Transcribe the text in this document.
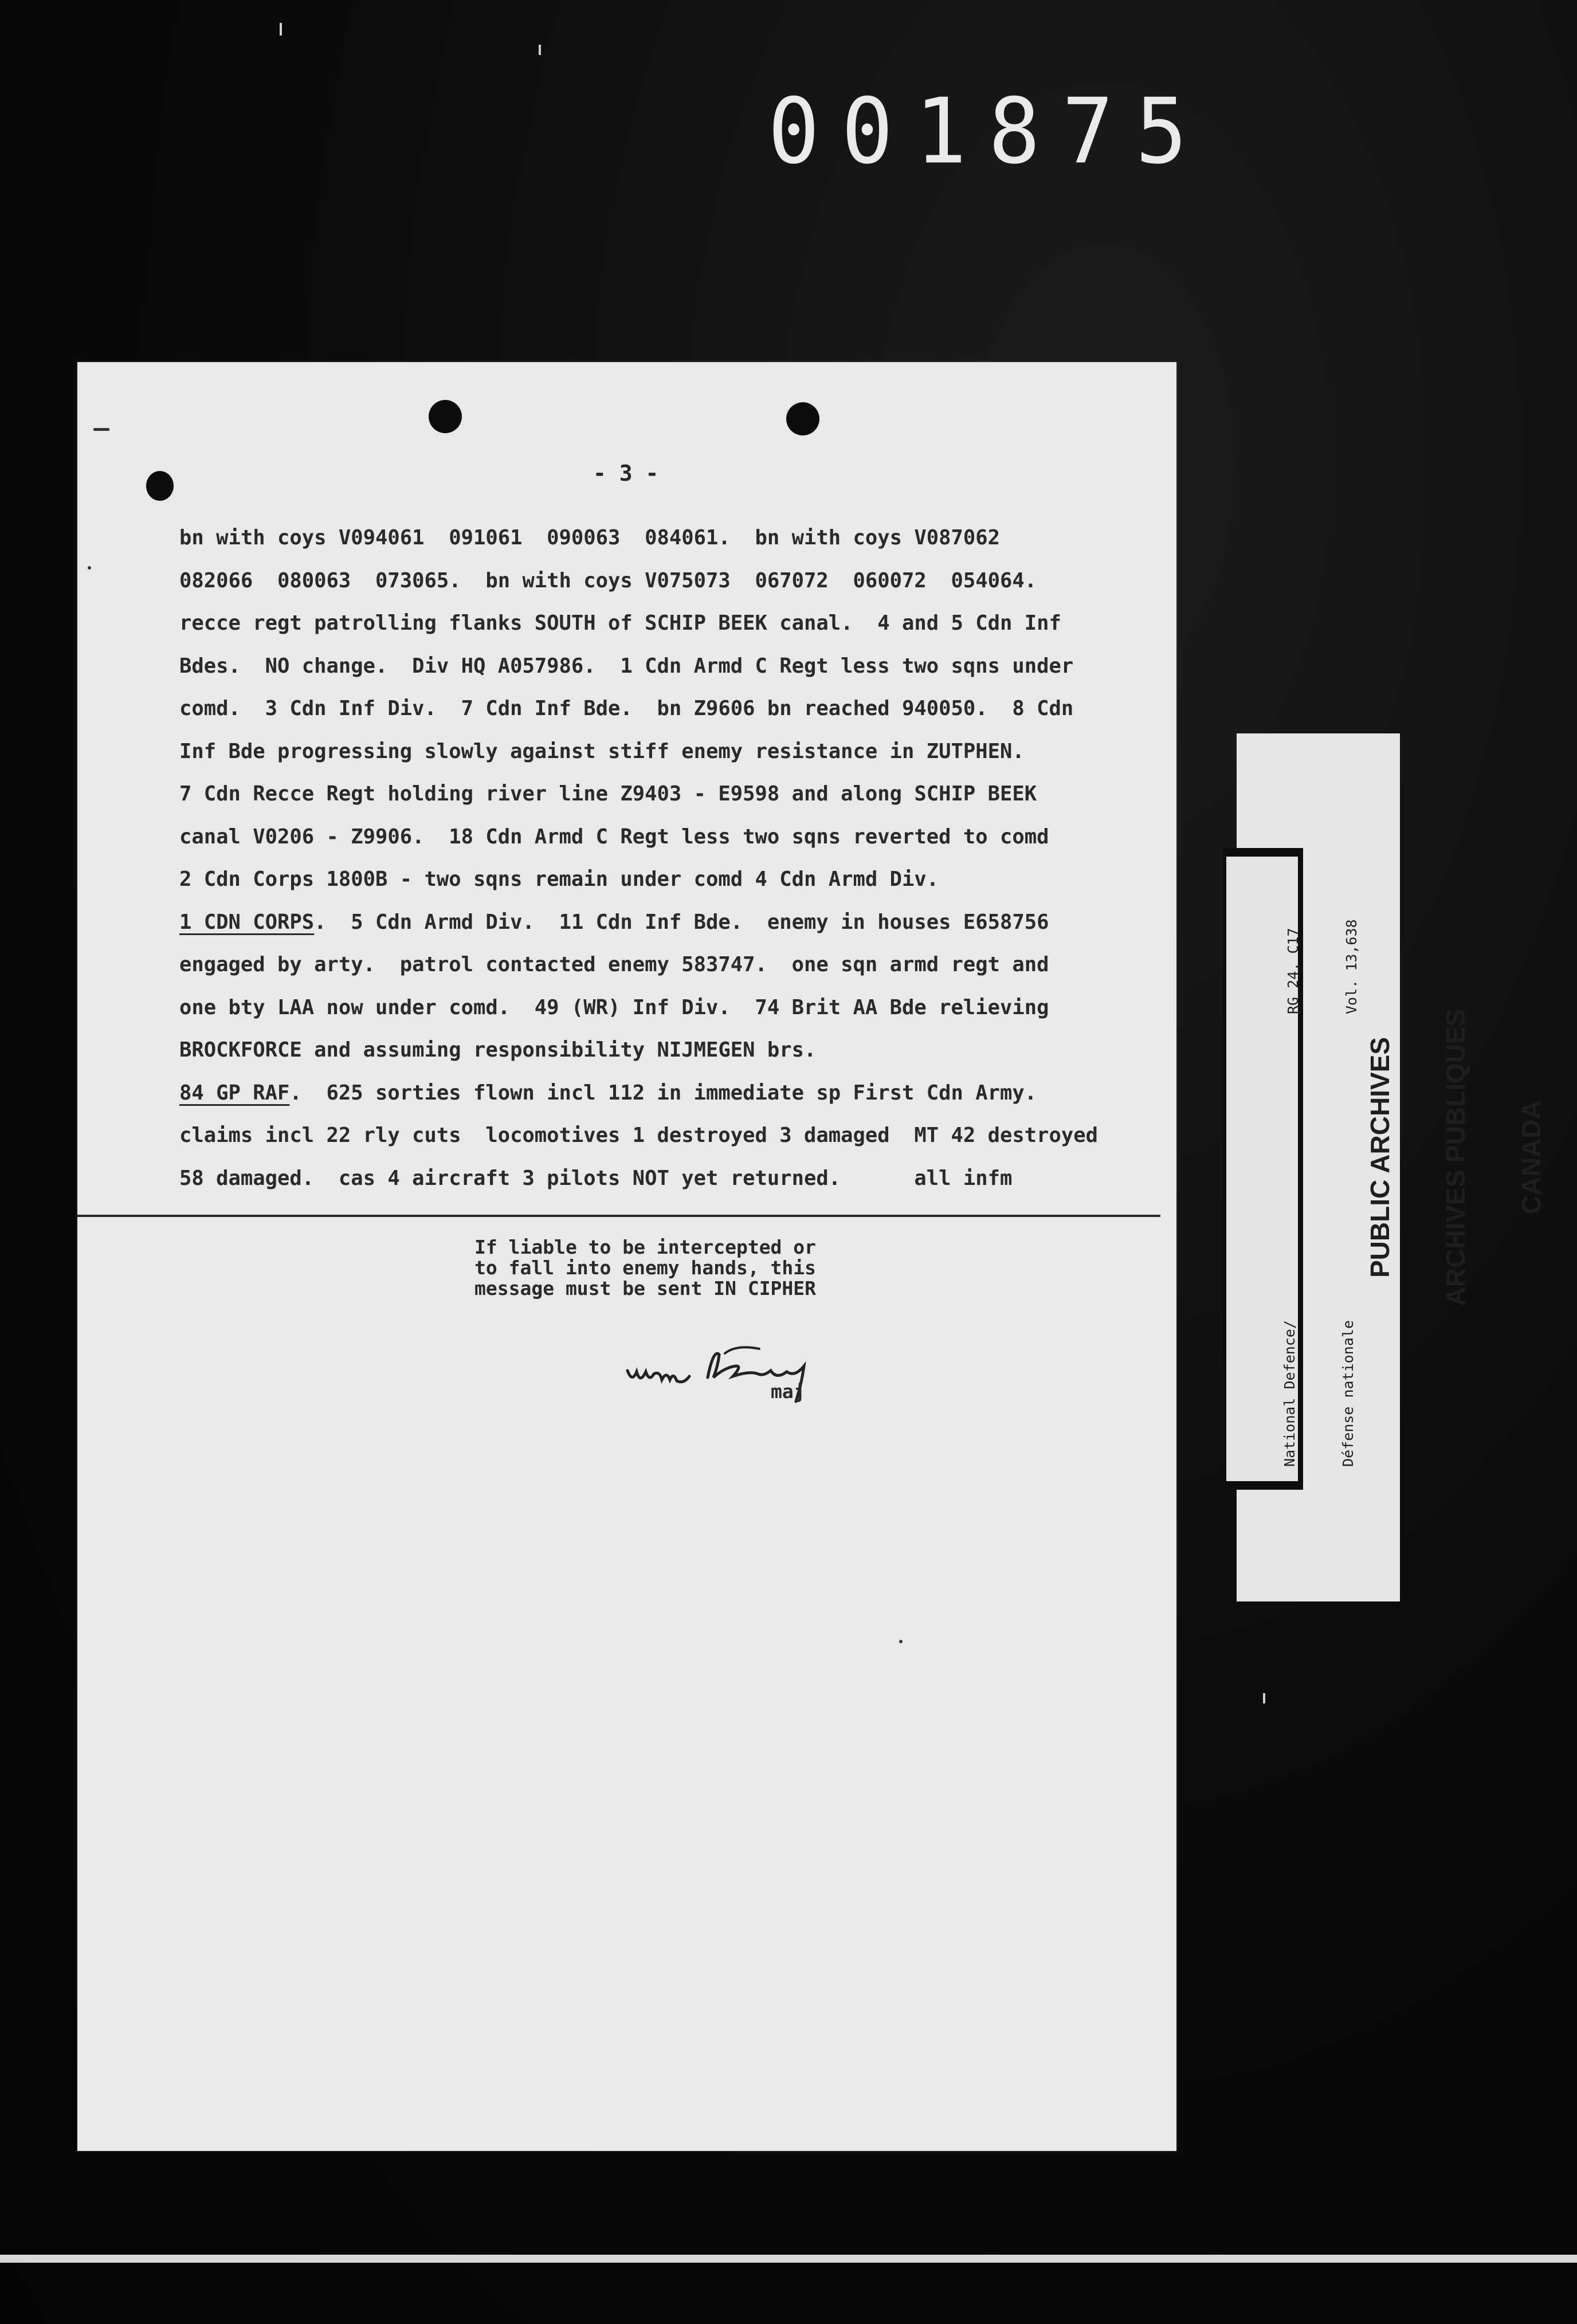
001875
- 3 -
bn with coys V094061  091061  090063  084061.  bn with coys V087062
082066  080063  073065.  bn with coys V075073  067072  060072  054064.
recce regt patrolling flanks SOUTH of SCHIP BEEK canal.  4 and 5 Cdn Inf
Bdes.  NO change.  Div HQ A057986.  1 Cdn Armd C Regt less two sqns under
comd.  3 Cdn Inf Div.  7 Cdn Inf Bde.  bn Z9606 bn reached 940050.  8 Cdn
Inf Bde progressing slowly against stiff enemy resistance in ZUTPHEN.
7 Cdn Recce Regt holding river line Z9403 - E9598 and along SCHIP BEEK
canal V0206 - Z9906.  18 Cdn Armd C Regt less two sqns reverted to comd
2 Cdn Corps 1800B - two sqns remain under comd 4 Cdn Armd Div.
1 CDN CORPS.  5 Cdn Armd Div.  11 Cdn Inf Bde.  enemy in houses E658756
engaged by arty.  patrol contacted enemy 583747.  one sqn armd regt and
one bty LAA now under comd.  49 (WR) Inf Div.  74 Brit AA Bde relieving
BROCKFORCE and assuming responsibility NIJMEGEN brs.
84 GP RAF.  625 sorties flown incl 112 in immediate sp First Cdn Army.
claims incl 22 rly cuts  locomotives 1 destroyed 3 damaged  MT 42 destroyed
58 damaged.  cas 4 aircraft 3 pilots NOT yet returned.      all infm
If liable to be intercepted or
to fall into enemy hands, this
message must be sent IN CIPHER
maj

	National Defence/

	Défense nationale

RG 24, C17

	Vol. 13,638

PUBLIC ARCHIVES

ARCHIVES PUBLIQUES

CANADA
